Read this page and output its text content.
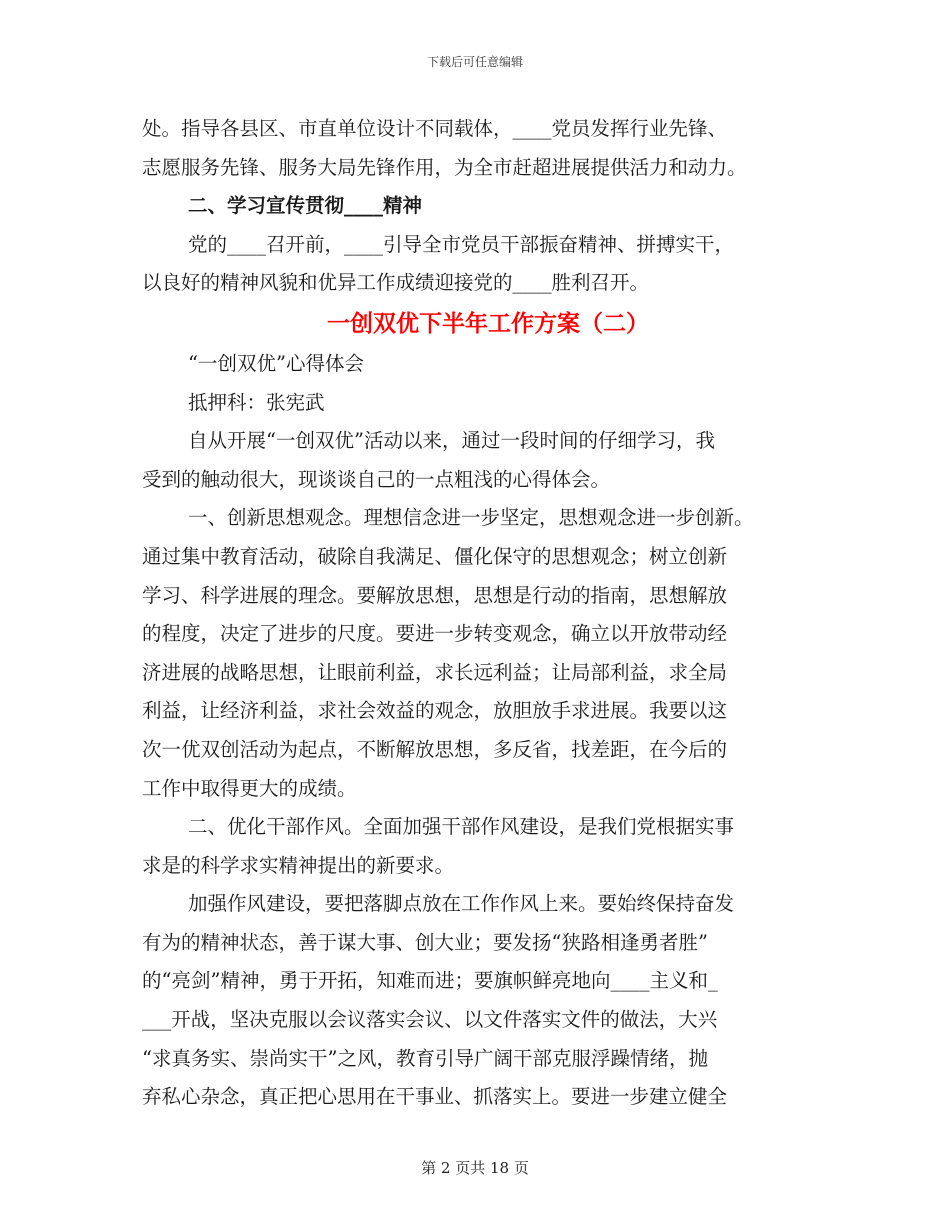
下载后可任意编辑

处。指导各县区、市直单位设计不同载体，____党员发挥行业先锋、

志愿服务先锋、服务大局先锋作用，为全市赶超进展提供活力和动力。

二、学习宣传贯彻____精神

党的____召开前，____引导全市党员干部振奋精神、拼搏实干，

以良好的精神风貌和优异工作成绩迎接党的____胜利召开。

一创双优下半年工作方案（二）

“一创双优”心得体会

抵押科：张宪武

自从开展“一创双优”活动以来，通过一段时间的仔细学习，我

受到的触动很大，现谈谈自己的一点粗浅的心得体会。

一、创新思想观念。理想信念进一步坚定，思想观念进一步创新。

通过集中教育活动，破除自我满足、僵化保守的思想观念；树立创新

学习、科学进展的理念。要解放思想，思想是行动的指南，思想解放

的程度，决定了进步的尺度。要进一步转变观念，确立以开放带动经

济进展的战略思想，让眼前利益，求长远利益；让局部利益，求全局

利益，让经济利益，求社会效益的观念，放胆放手求进展。我要以这

次一优双创活动为起点，不断解放思想，多反省，找差距，在今后的

工作中取得更大的成绩。

二、优化干部作风。全面加强干部作风建设，是我们党根据实事

求是的科学求实精神提出的新要求。

加强作风建设，要把落脚点放在工作作风上来。要始终保持奋发

有为的精神状态，善于谋大事、创大业；要发扬“狭路相逢勇者胜”

的“亮剑”精神，勇于开拓，知难而进；要旗帜鲜亮地向____主义和_

___开战，坚决克服以会议落实会议、以文件落实文件的做法，大兴

“求真务实、崇尚实干”之风，教育引导广阔干部克服浮躁情绪，抛

弃私心杂念，真正把心思用在干事业、抓落实上。要进一步建立健全

第 2 页共 18 页
